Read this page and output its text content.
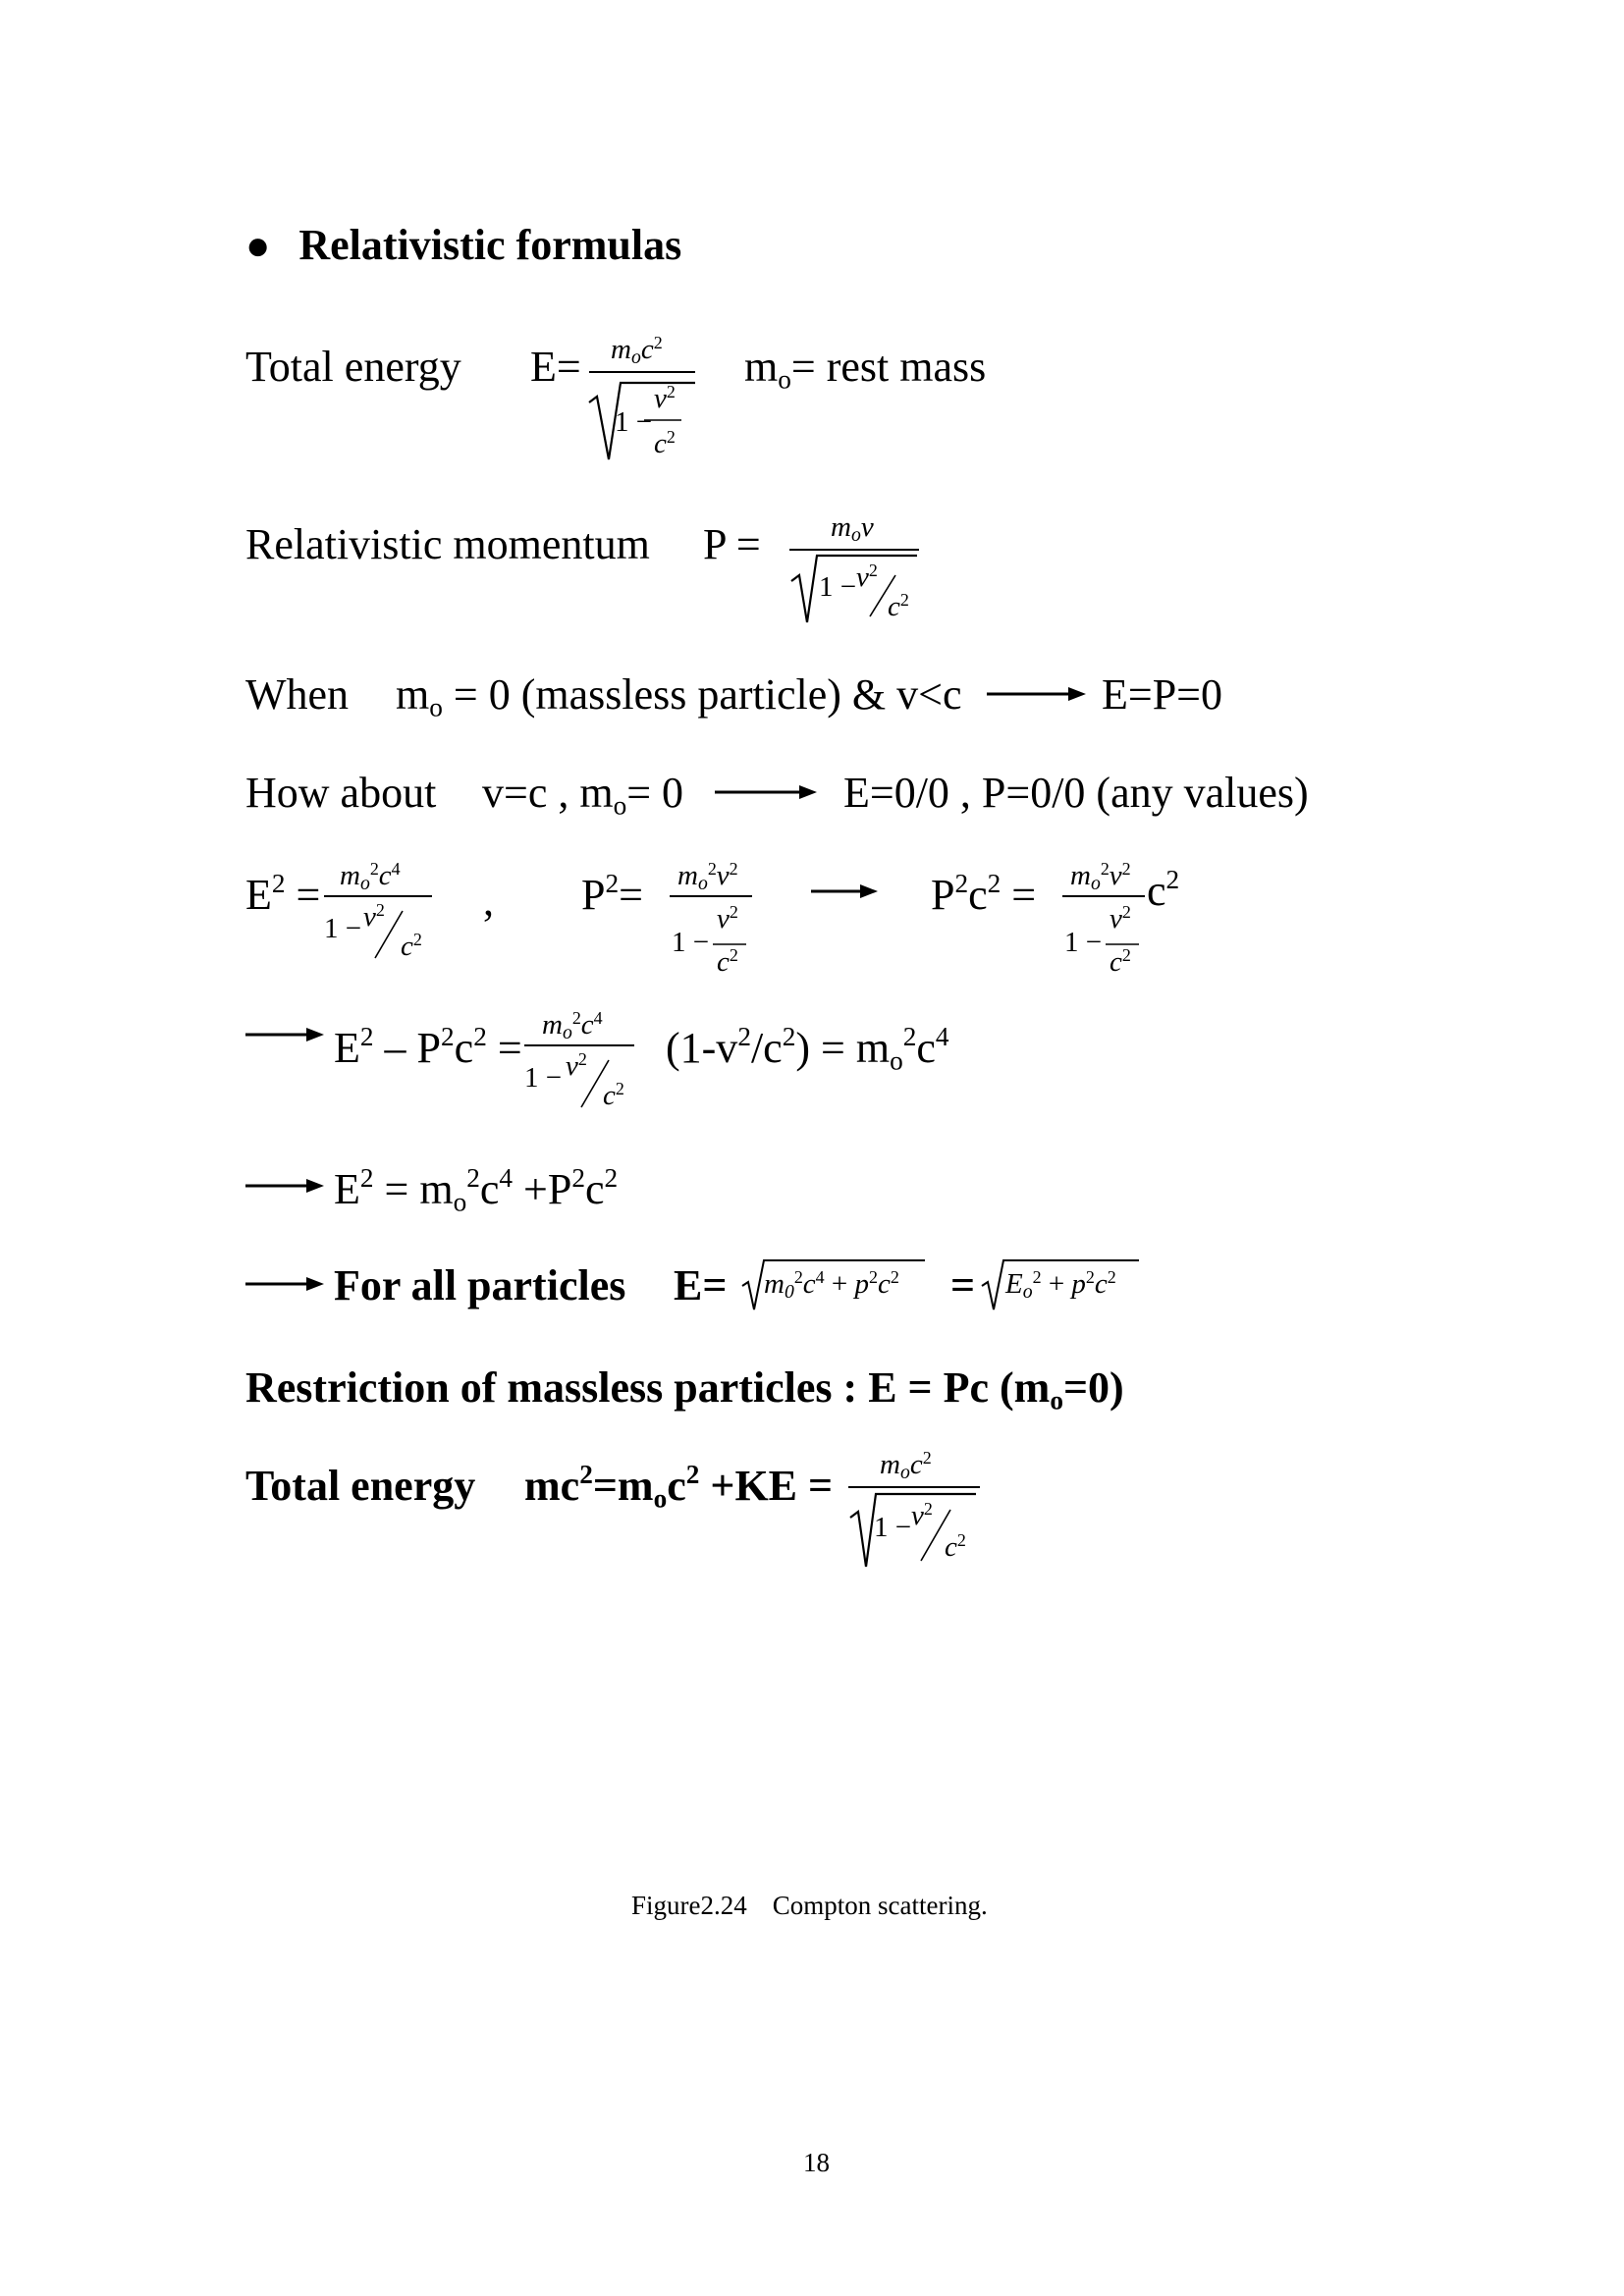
● Relativistic formulas
Total energy $E= m_oc^2$
1 −
$v^2$
$c^2$
$m_o=$ rest mass
Relativistic momentum $P = m_ov$
$1 - v^2$
$c^2$
When $m_o = 0$ (massless particle) & v<c	E=P=0
How about v=c , $m_o= 0$	E=0/0 , P=0/0 (any values)
$E^2 = m_o^2c^4$
$1 - v^2$
$c^2$
, $P^2= m_o^2v^2$
1 −
$v^2$
$c^2$
$P^2c^2 = m_o^2v^2$
1 −
$v^2$
$c^2$
$c^2$
$E^2 - P^2c^2 = m_o^2c^4$
$1 - v^2$
$c^2$
$(1-v^2/c^2) = m_o^2c^4$
$E^2 = m_o^2c^4 +P^2c^2$
For all particles $E= m_0^2c^4 + p^2c^2 = E_o^2 + p^2c^2$
Restriction of massless particles : E = Pc $(m_o=0)$
Total energy $mc^2=m_oc^2 +KE = m_oc^2$
$1 - v^2$
$c^2$
Figure2.24 Compton scattering.
18
